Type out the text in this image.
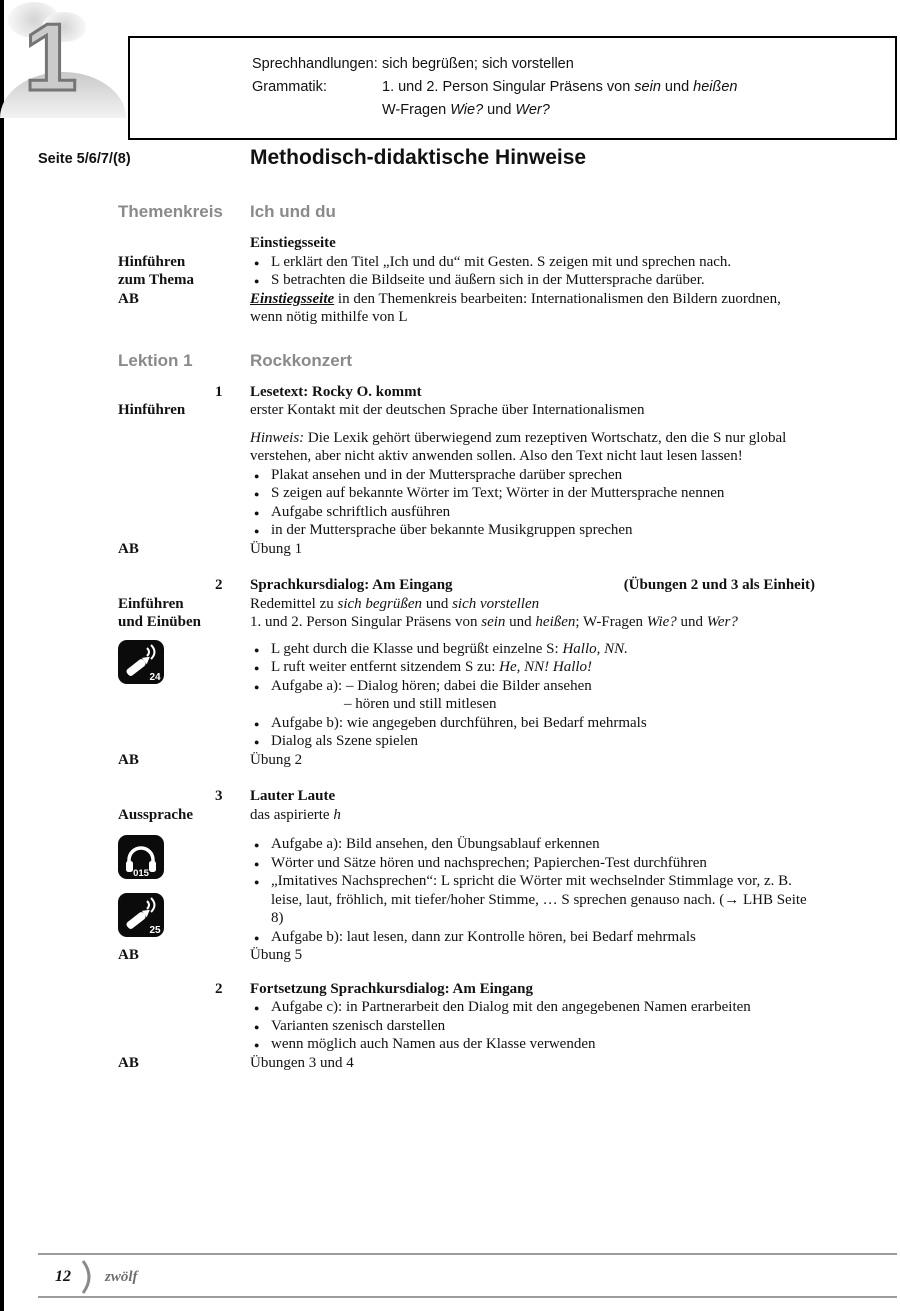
1	Sprechhandlungen: sich begrüßen; sich vorstellen
Grammatik:	1. und 2. Person Singular Präsens von sein und heißen
W-Fragen Wie? und Wer?
Seite 5/6/7/(8)	Methodisch-didaktische Hinweise
Themenkreis	Ich und du
Einstiegsseite
Hinführen
zum Thema
● L erklärt den Titel „Ich und du“ mit Gesten. S zeigen mit und sprechen nach.
● S betrachten die Bildseite und äußern sich in der Muttersprache darüber.
AB	Einstiegsseite in den Themenkreis bearbeiten: Internationalismen den Bildern zuordnen, wenn nötig mithilfe von L
Lektion 1	Rockkonzert
1	Lesetext: Rocky O. kommt
Hinführen	erster Kontakt mit der deutschen Sprache über Internationalismen
Hinweis: Die Lexik gehört überwiegend zum rezeptiven Wortschatz, den die S nur global verstehen, aber nicht aktiv anwenden sollen. Also den Text nicht laut lesen lassen!
● Plakat ansehen und in der Muttersprache darüber sprechen
● S zeigen auf bekannte Wörter im Text; Wörter in der Muttersprache nennen
● Aufgabe schriftlich ausführen
● in der Muttersprache über bekannte Musikgruppen sprechen
AB	Übung 1
2	Sprachkursdialog: Am Eingang	(Übungen 2 und 3 als Einheit)
Einführen
und Einüben
Redemittel zu sich begrüßen und sich vorstellen
1. und 2. Person Singular Präsens von sein und heißen; W-Fragen Wie? und Wer?
24
● L geht durch die Klasse und begrüßt einzelne S: Hallo, NN.
● L ruft weiter entfernt sitzendem S zu: He, NN! Hallo!
● Aufgabe a): – Dialog hören; dabei die Bilder ansehen
– hören und still mitlesen
● Aufgabe b): wie angegeben durchführen, bei Bedarf mehrmals
● Dialog als Szene spielen
AB	Übung 2
3	Lauter Laute
Aussprache	das aspirierte h
015
25
● Aufgabe a): Bild ansehen, den Übungsablauf erkennen
● Wörter und Sätze hören und nachsprechen; Papierchen-Test durchführen
● „Imitatives Nachsprechen“: L spricht die Wörter mit wechselnder Stimmlage vor, z. B. leise, laut, fröhlich, mit tiefer/hoher Stimme, … S sprechen genauso nach. (→ LHB Seite 8)
● Aufgabe b): laut lesen, dann zur Kontrolle hören, bei Bedarf mehrmals
AB	Übung 5
2	Fortsetzung Sprachkursdialog: Am Eingang
● Aufgabe c): in Partnerarbeit den Dialog mit den angegebenen Namen erarbeiten
● Varianten szenisch darstellen
● wenn möglich auch Namen aus der Klasse verwenden
AB	Übungen 3 und 4
12 zwölf
